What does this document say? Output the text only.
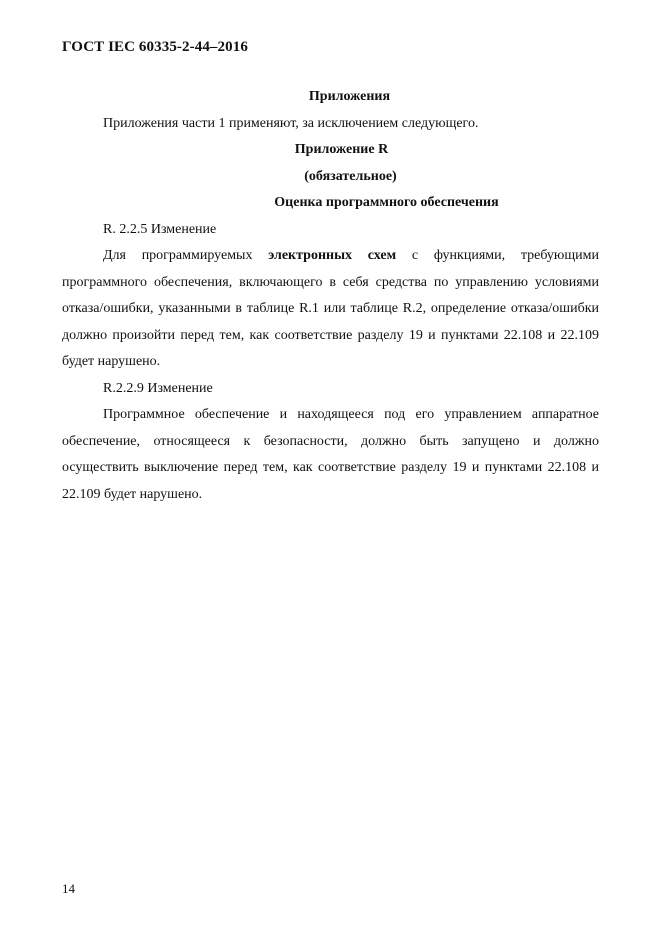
ГОСТ IEC 60335-2-44–2016

Приложения

Приложения части 1 применяют, за исключением следующего.

Приложение R

(обязательное)

Оценка программного обеспечения

R. 2.2.5 Изменение

Для программируемых электронных схем с функциями, требующими программного обеспечения, включающего в себя средства по управлению условиями отказа/ошибки, указанными в таблице R.1 или таблице R.2, определение отказа/ошибки должно произойти перед тем, как соответствие разделу 19 и пунктами 22.108 и 22.109 будет нарушено.

R.2.2.9 Изменение

Программное обеспечение и находящееся под его управлением аппаратное обеспечение, относящееся к безопасности, должно быть запущено и должно осуществить выключение перед тем, как соответствие разделу 19 и пунктами 22.108 и 22.109 будет нарушено.

14
